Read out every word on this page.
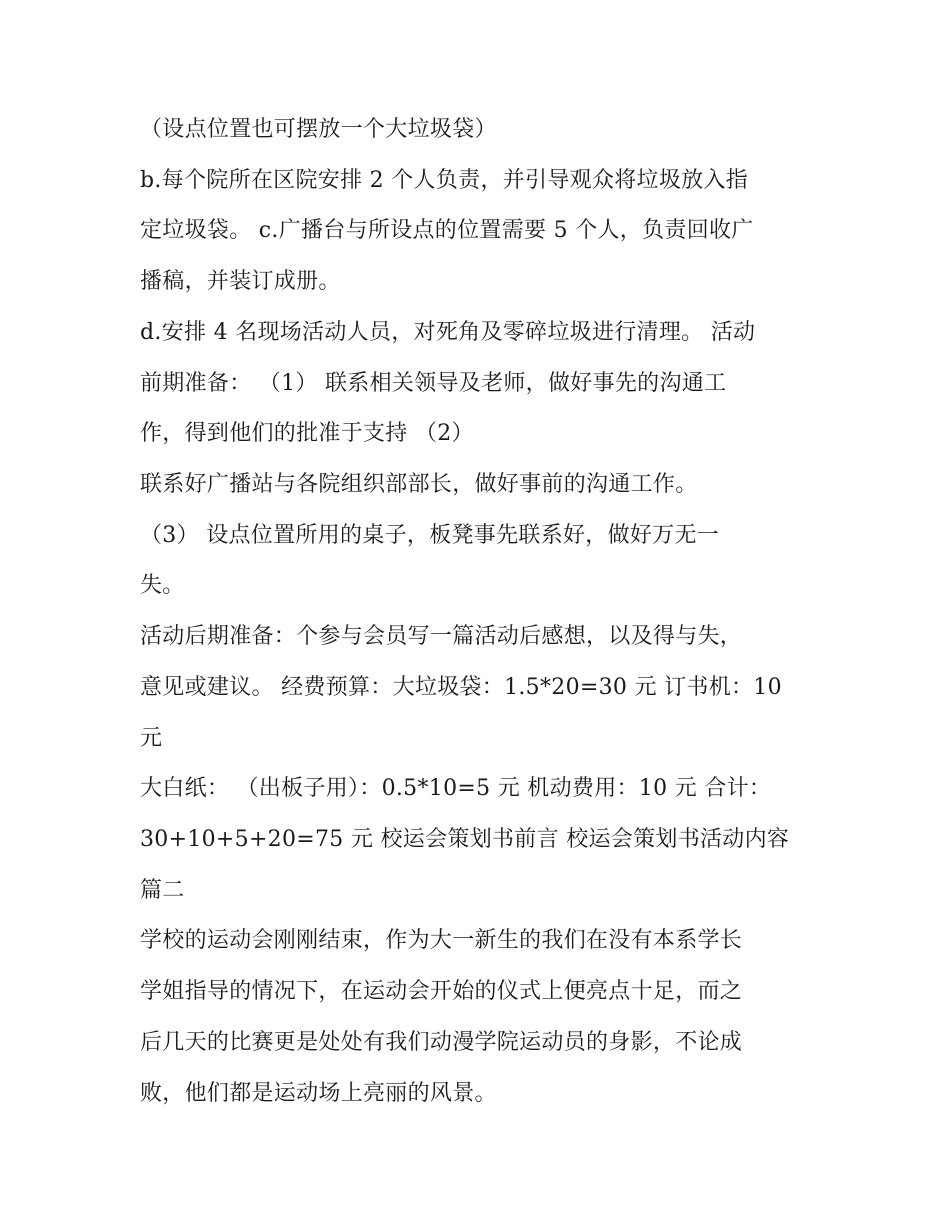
（设点位置也可摆放一个大垃圾袋）

b.每个院所在区院安排 2 个人负责，并引导观众将垃圾放入指

定垃圾袋。 c.广播台与所设点的位置需要 5 个人，负责回收广

播稿，并装订成册。

d.安排 4 名现场活动人员，对死角及零碎垃圾进行清理。 活动

前期准备： （1） 联系相关领导及老师，做好事先的沟通工

作，得到他们的批准于支持 （2）

联系好广播站与各院组织部部长，做好事前的沟通工作。

（3） 设点位置所用的桌子，板凳事先联系好，做好万无一

失。

活动后期准备：个参与会员写一篇活动后感想，以及得与失，

意见或建议。 经费预算：大垃圾袋：1.5*20=30 元 订书机：10

元

大白纸： （出板子用）：0.5*10=5 元 机动费用：10 元 合计：

30+10+5+20=75 元 校运会策划书前言 校运会策划书活动内容

篇二

学校的运动会刚刚结束，作为大一新生的我们在没有本系学长

学姐指导的情况下，在运动会开始的仪式上便亮点十足，而之

后几天的比赛更是处处有我们动漫学院运动员的身影，不论成

败，他们都是运动场上亮丽的风景。
